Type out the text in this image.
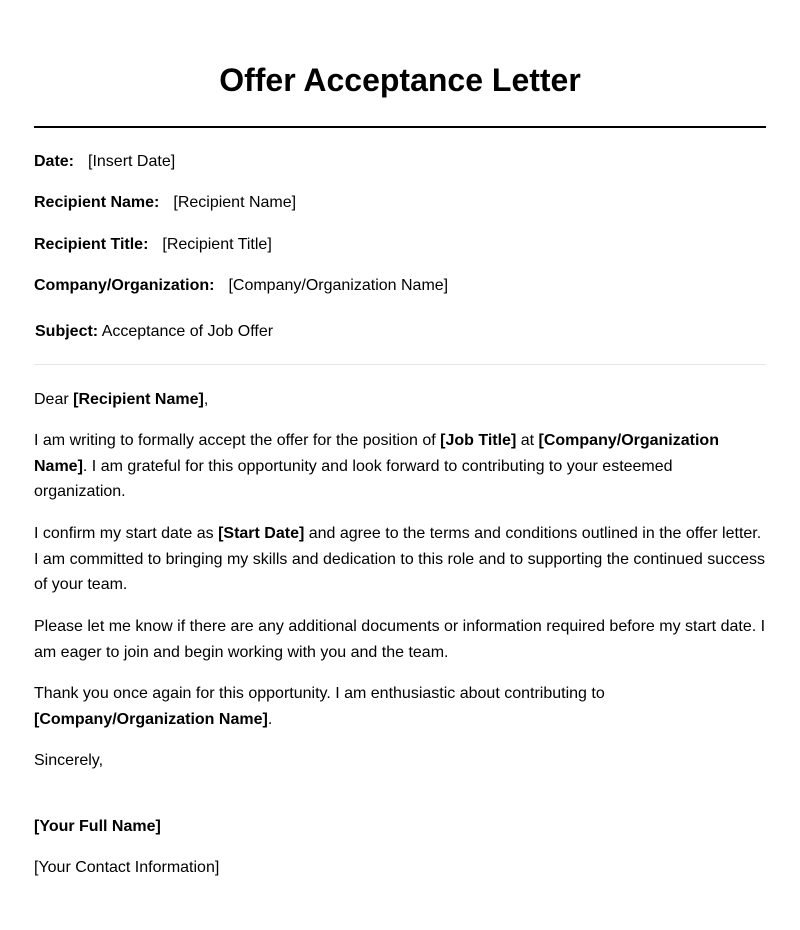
Offer Acceptance Letter
Date: [Insert Date]
Recipient Name: [Recipient Name]
Recipient Title: [Recipient Title]
Company/Organization: [Company/Organization Name]
Subject: Acceptance of Job Offer

Dear [Recipient Name],

I am writing to formally accept the offer for the position of [Job Title] at [Company/Organization Name]. I am grateful for this opportunity and look forward to contributing to your esteemed organization.

I confirm my start date as [Start Date] and agree to the terms and conditions outlined in the offer letter. I am committed to bringing my skills and dedication to this role and to supporting the continued success of your team.

Please let me know if there are any additional documents or information required before my start date. I am eager to join and begin working with you and the team.

Thank you once again for this opportunity. I am enthusiastic about contributing to [Company/Organization Name].

Sincerely,

[Your Full Name]

[Your Contact Information]
